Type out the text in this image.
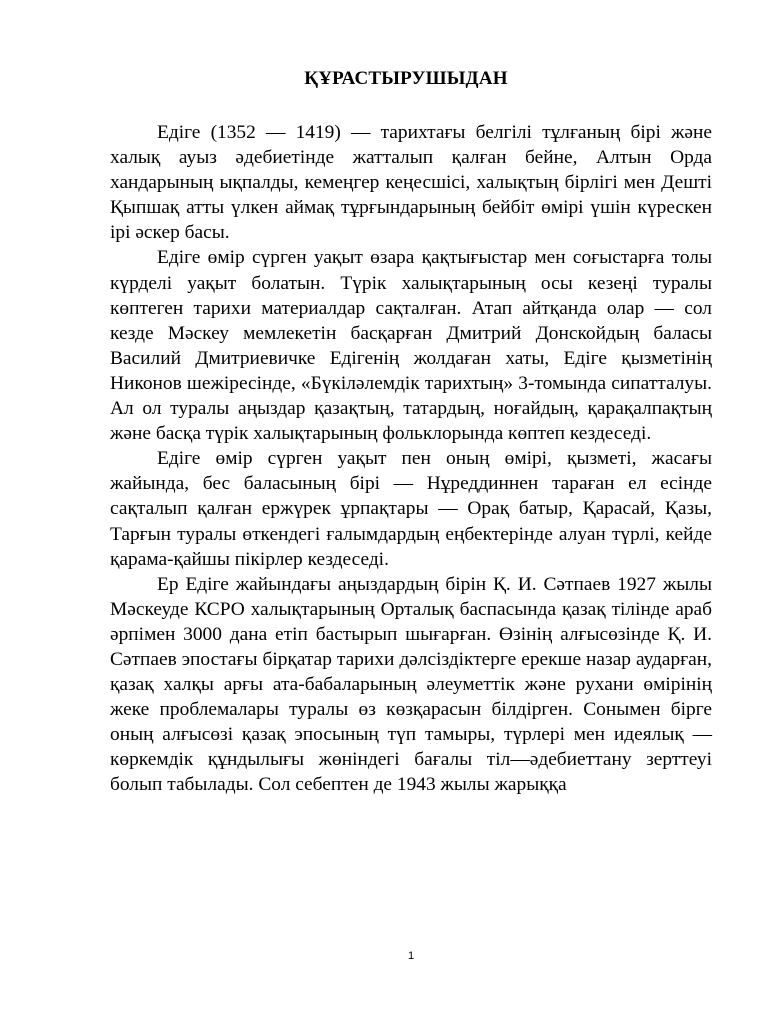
ҚҰРАСТЫРУШЫДАН

Едіге (1352 — 1419) — тарихтағы белгілі тұлғаның бірі және халық ауыз әдебиетінде жатталып қалған бейне, Алтын Орда хандарының ықпалды, кемеңгер кеңесшісі, халықтың бірлігі мен Дешті Қыпшақ атты үлкен аймақ тұрғындарының бейбіт өмірі үшін күрескен ірі әскер басы.

Едіге өмір сүрген уақыт өзара қақтығыстар мен соғыстарға толы күрделі уақыт болатын. Түрік халықтарының осы кезеңі туралы көптеген тарихи материалдар сақталған. Атап айтқанда олар — сол кезде Мәскеу мемлекетін басқарған Дмитрий Донскойдың баласы Василий Дмитриевичке Едігенің жолдаған хаты, Едіге қызметінің Никонов шежіресінде, «Бүкіләлемдік тарихтың» 3-томында сипатталуы. Ал ол туралы аңыздар қазақтың, татардың, ноғайдың, қарақалпақтың және басқа түрік халықтарының фольклорында көптеп кездеседі.

Едіге өмір сүрген уақыт пен оның өмірі, қызметі, жасағы жайында, бес баласының бірі — Нұреддиннен тараған ел есінде сақталып қалған ержүрек ұрпақтары — Орақ батыр, Қарасай, Қазы, Тарғын туралы өткендегі ғалымдардың еңбектерінде алуан түрлі, кейде қарама-қайшы пікірлер кездеседі.

Ер Едіге жайындағы аңыздардың бірін Қ. И. Сәтпаев 1927 жылы Мәскеуде КСРО халықтарының Орталық баспасында қазақ тілінде араб әрпімен 3000 дана етіп бастырып шығарған. Өзінің алғысөзінде Қ. И. Сәтпаев эпостағы бірқатар тарихи дәлсіздіктерге ерекше назар аударған, қазақ халқы арғы ата-бабаларының әлеуметтік және рухани өмірінің жеке проблемалары туралы өз көзқарасын білдірген. Сонымен бірге оның алғысөзі қазақ эпосының түп тамыры, түрлері мен идеялық — көркемдік құндылығы жөніндегі бағалы тіл—әдебиеттану зерттеуі болып табылады. Сол себептен де 1943 жылы жарыққа

1
